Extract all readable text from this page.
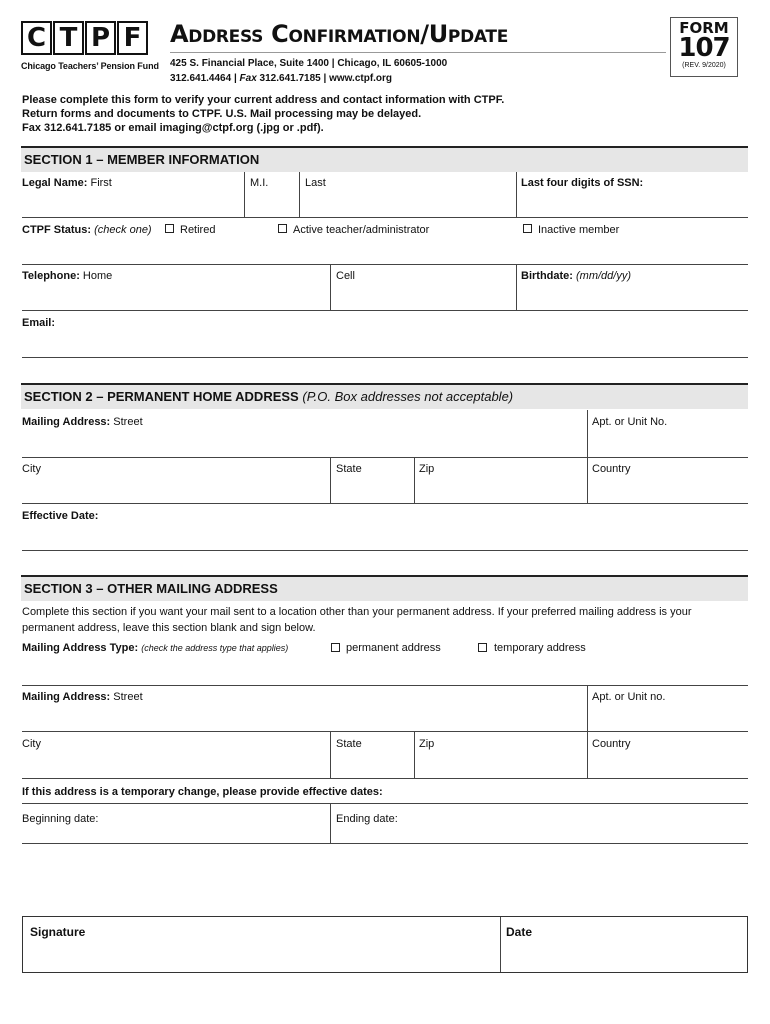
C T P F
Chicago Teachers’ Pension Fund
Address Confirmation/Update
425 S. Financial Place, Suite 1400 | Chicago, IL 60605-1000
312.641.4464 | Fax 312.641.7185 | www.ctpf.org
FORM
107
(REV. 9/2020)
Please complete this form to verify your current address and contact information with CTPF.
Return forms and documents to CTPF. U.S. Mail processing may be delayed.
Fax 312.641.7185 or email imaging@ctpf.org (.jpg or .pdf).
SECTION 1 – MEMBER INFORMATION
Legal Name: First	M.I.	Last	Last four digits of SSN:
CTPF Status: (check one)	Retired	Active teacher/administrator	Inactive member
Telephone: Home	Cell	Birthdate: (mm/dd/yy)
Email:
SECTION 2 – PERMANENT HOME ADDRESS (P.O. Box addresses not acceptable)
Mailing Address: Street	Apt. or Unit No.
City	State	Zip	Country
Effective Date:
SECTION 3 – OTHER MAILING ADDRESS
Complete this section if you want your mail sent to a location other than your permanent address. If your preferred mailing address is your
permanent address, leave this section blank and sign below.
Mailing Address Type: (check the address type that applies)	permanent address	temporary address
Mailing Address: Street	Apt. or Unit no.
City	State	Zip	Country
If this address is a temporary change, please provide effective dates:
Beginning date:	Ending date:
Signature	Date
